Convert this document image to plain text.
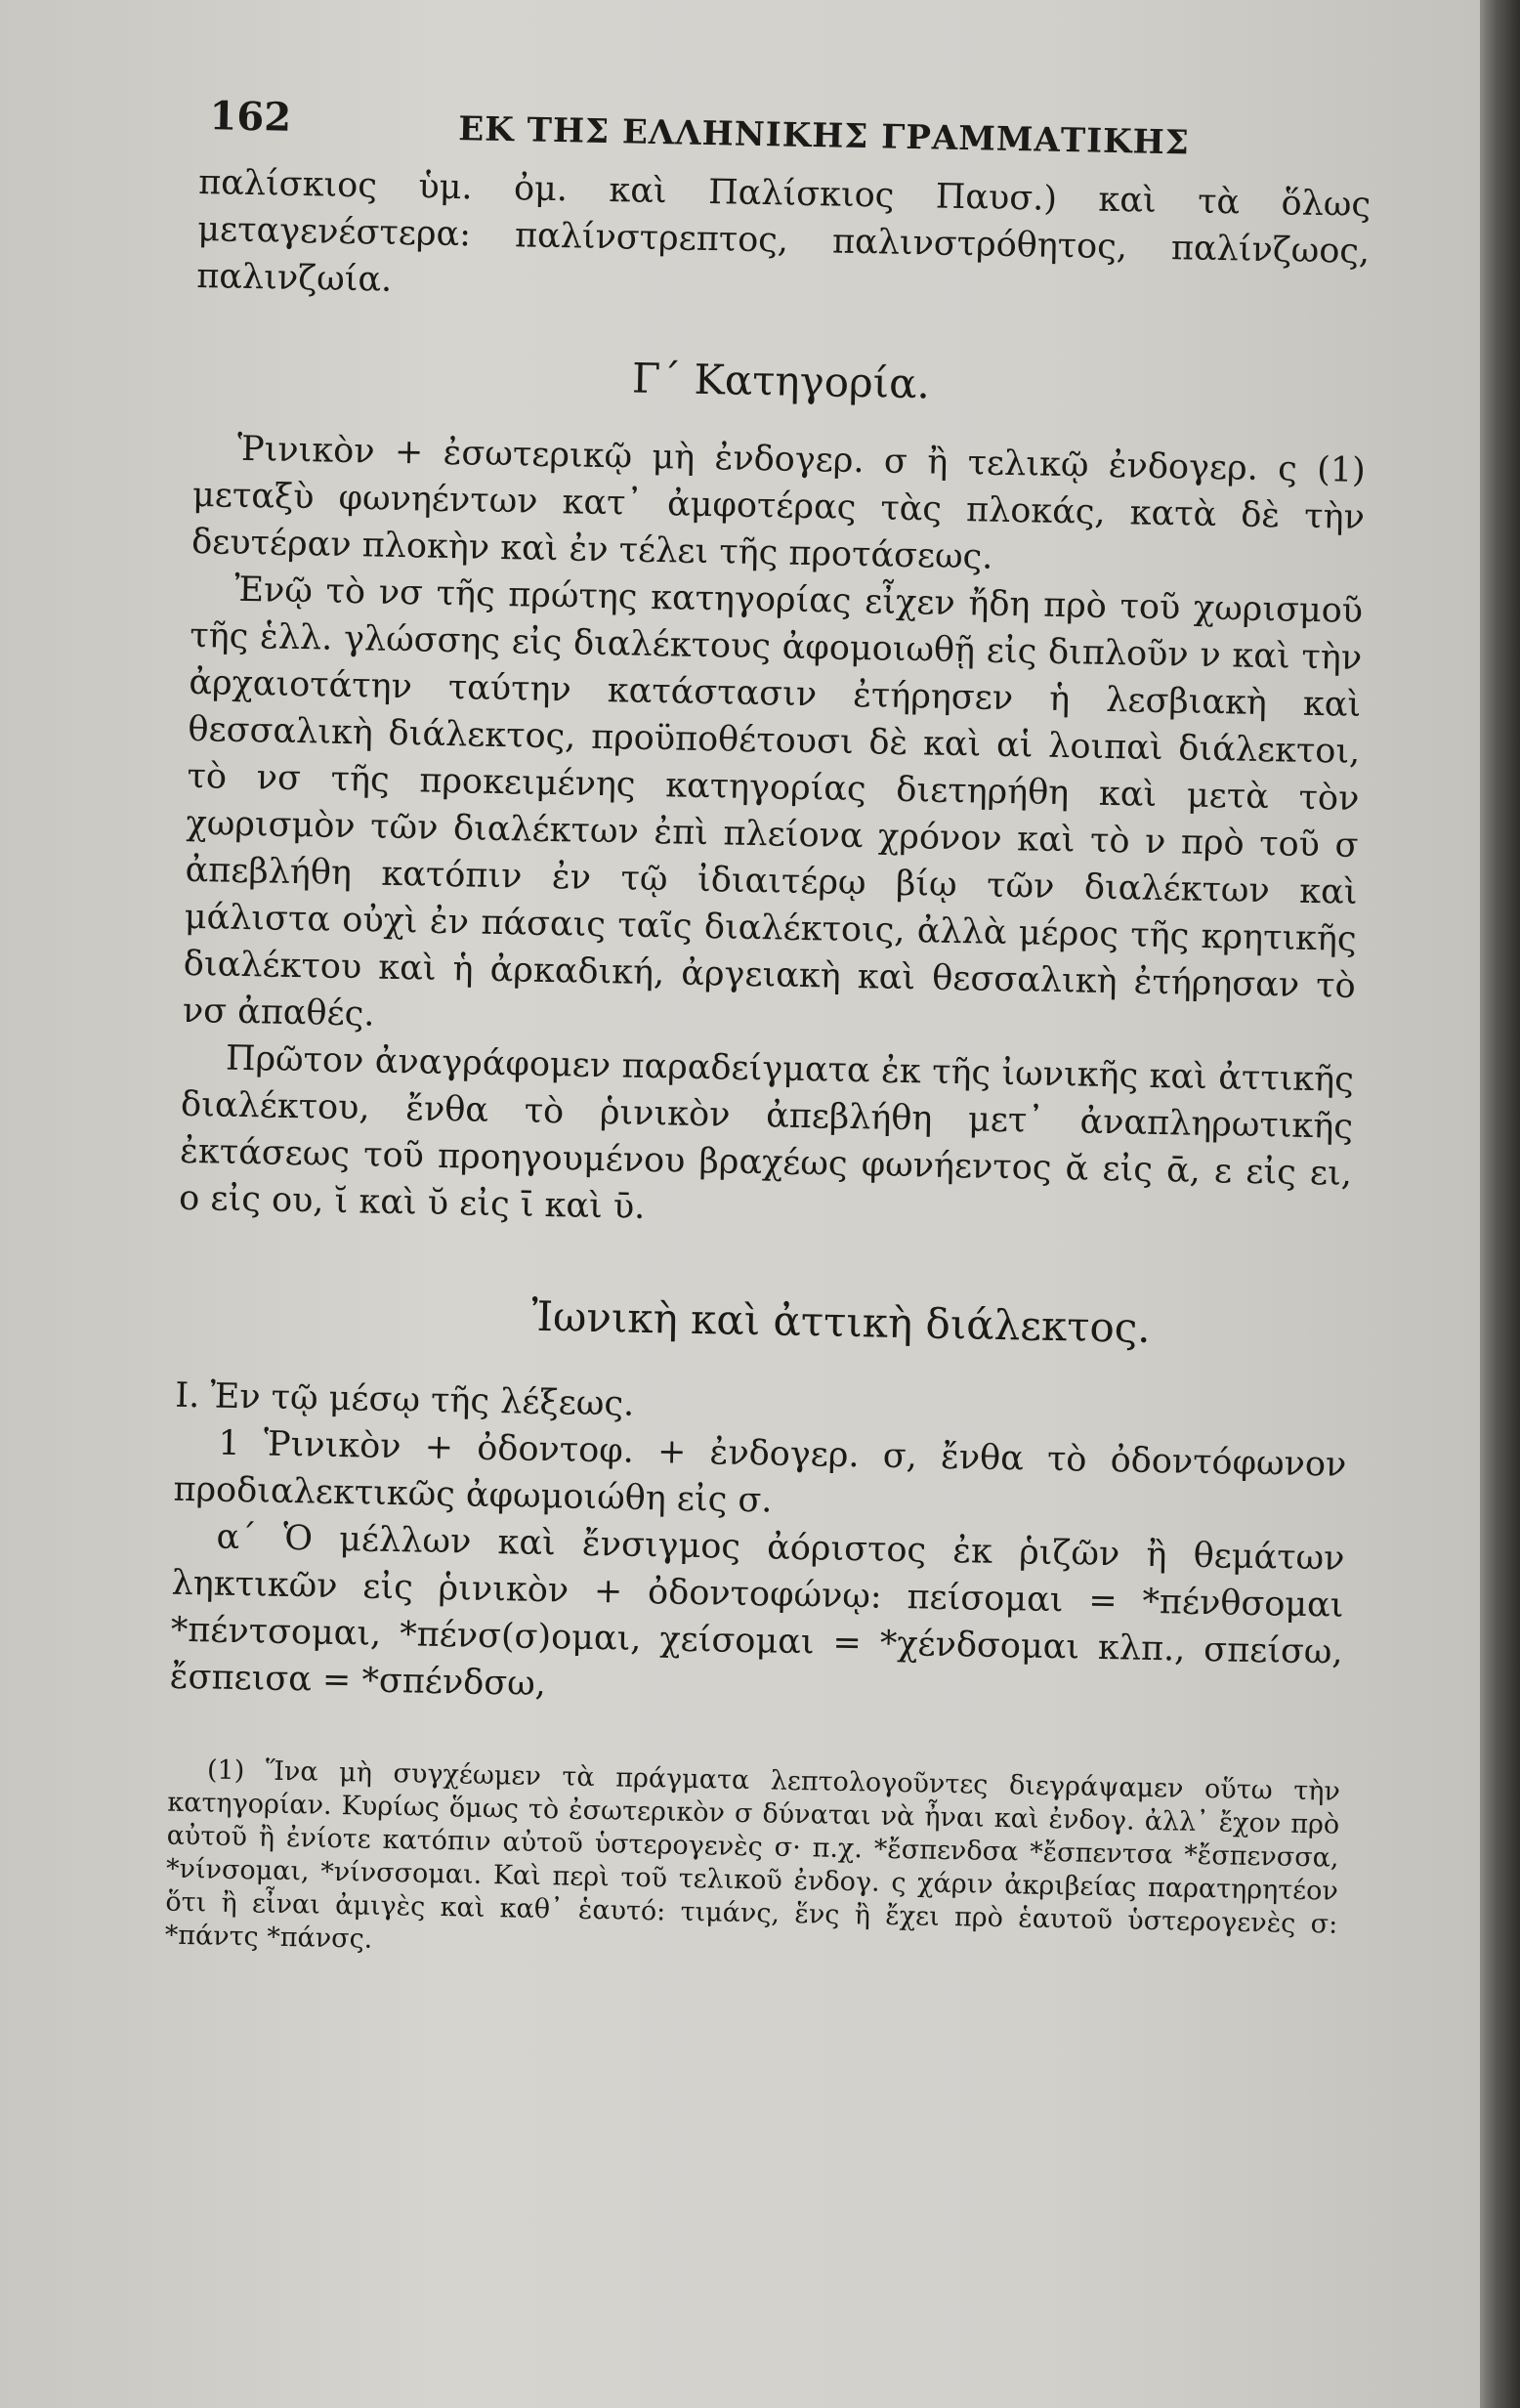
162	ΕΚ ΤΗΣ ΕΛΛΗΝΙΚΗΣ ΓΡΑΜΜΑΤΙΚΗΣ

παλίσκιος ὑμ. ὀμ. καὶ Παλίσκιος Παυσ.) καὶ τὰ ὅλως μεταγενέστερα: παλίνστρεπτος, παλινστρόθητος, παλίνζωος, παλινζωία.

Γ΄ Κατηγορία.

Ῥινικὸν + ἐσωτερικῷ μὴ ἐνδογερ. σ ἢ τελικῷ ἐνδογερ. ς (1) μεταξὺ φωνηέντων κατ᾽ ἀμφοτέρας τὰς πλοκάς, κατὰ δὲ τὴν δευτέραν πλοκὴν καὶ ἐν τέλει τῆς προτάσεως.

Ἐνῷ τὸ νσ τῆς πρώτης κατηγορίας εἶχεν ἤδη πρὸ τοῦ χωρισμοῦ τῆς ἑλλ. γλώσσης εἰς διαλέκτους ἀφομοιωθῇ εἰς διπλοῦν ν καὶ τὴν ἀρχαιοτάτην ταύτην κατάστασιν ἐτήρησεν ἡ λεσβιακὴ καὶ θεσσαλικὴ διάλεκτος, προϋποθέτουσι δὲ καὶ αἱ λοιπαὶ διάλεκτοι, τὸ νσ τῆς προκειμένης κατηγορίας διετηρήθη καὶ μετὰ τὸν χωρισμὸν τῶν διαλέκτων ἐπὶ πλείονα χρόνον καὶ τὸ ν πρὸ τοῦ σ ἀπεβλήθη κατόπιν ἐν τῷ ἰδιαιτέρῳ βίῳ τῶν διαλέκτων καὶ μάλιστα οὐχὶ ἐν πάσαις ταῖς διαλέκτοις, ἀλλὰ μέρος τῆς κρητικῆς διαλέκτου καὶ ἡ ἀρκαδική, ἀργειακὴ καὶ θεσσαλικὴ ἐτήρησαν τὸ νσ ἀπαθές.

Πρῶτον ἀναγράφομεν παραδείγματα ἐκ τῆς ἰωνικῆς καὶ ἀττικῆς διαλέκτου, ἔνθα τὸ ῥινικὸν ἀπεβλήθη μετ᾽ ἀναπληρωτικῆς ἐκτάσεως τοῦ προηγουμένου βραχέως φωνήεντος ᾰ εἰς ᾱ, ε εἰς ει, ο εἰς ου, ῐ καὶ ῠ εἰς ῑ καὶ ῡ.

Ἰωνικὴ καὶ ἀττικὴ διάλεκτος.

I. Ἐν τῷ μέσῳ τῆς λέξεως.

1 Ῥινικὸν + ὀδοντοφ. + ἐνδογερ. σ, ἔνθα τὸ ὀδοντόφωνον προδιαλεκτικῶς ἀφωμοιώθη εἰς σ.

α΄ Ὁ μέλλων καὶ ἔνσιγμος ἀόριστος ἐκ ῥιζῶν ἢ θεμάτων ληκτικῶν εἰς ῥινικὸν + ὀδοντοφώνῳ: πείσομαι = *πένθσομαι *πέντσομαι, *πένσ(σ)ομαι, χείσομαι = *χένδσομαι κλπ., σπείσω, ἔσπεισα = *σπένδσω,

(1) Ἵνα μὴ συγχέωμεν τὰ πράγματα λεπτολογοῦντες διεγράψαμεν οὕτω τὴν κατηγορίαν. Κυρίως ὅμως τὸ ἐσωτερικὸν σ δύναται νὰ ἦναι καὶ ἐνδογ. ἀλλ᾽ ἔχον πρὸ αὐτοῦ ἢ ἐνίοτε κατόπιν αὐτοῦ ὑστερογενὲς σ· π.χ. *ἔσπενδσα *ἔσπεντσα *ἔσπενσσα, *νίνσομαι, *νίνσσομαι. Καὶ περὶ τοῦ τελικοῦ ἐνδογ. ς χάριν ἀκριβείας παρατηρητέον ὅτι ἢ εἶναι ἀμιγὲς καὶ καθ᾽ ἑαυτό: τιμάνς, ἕνς ἢ ἔχει πρὸ ἑαυτοῦ ὑστερογενὲς σ: *πάντς *πάνσς.
